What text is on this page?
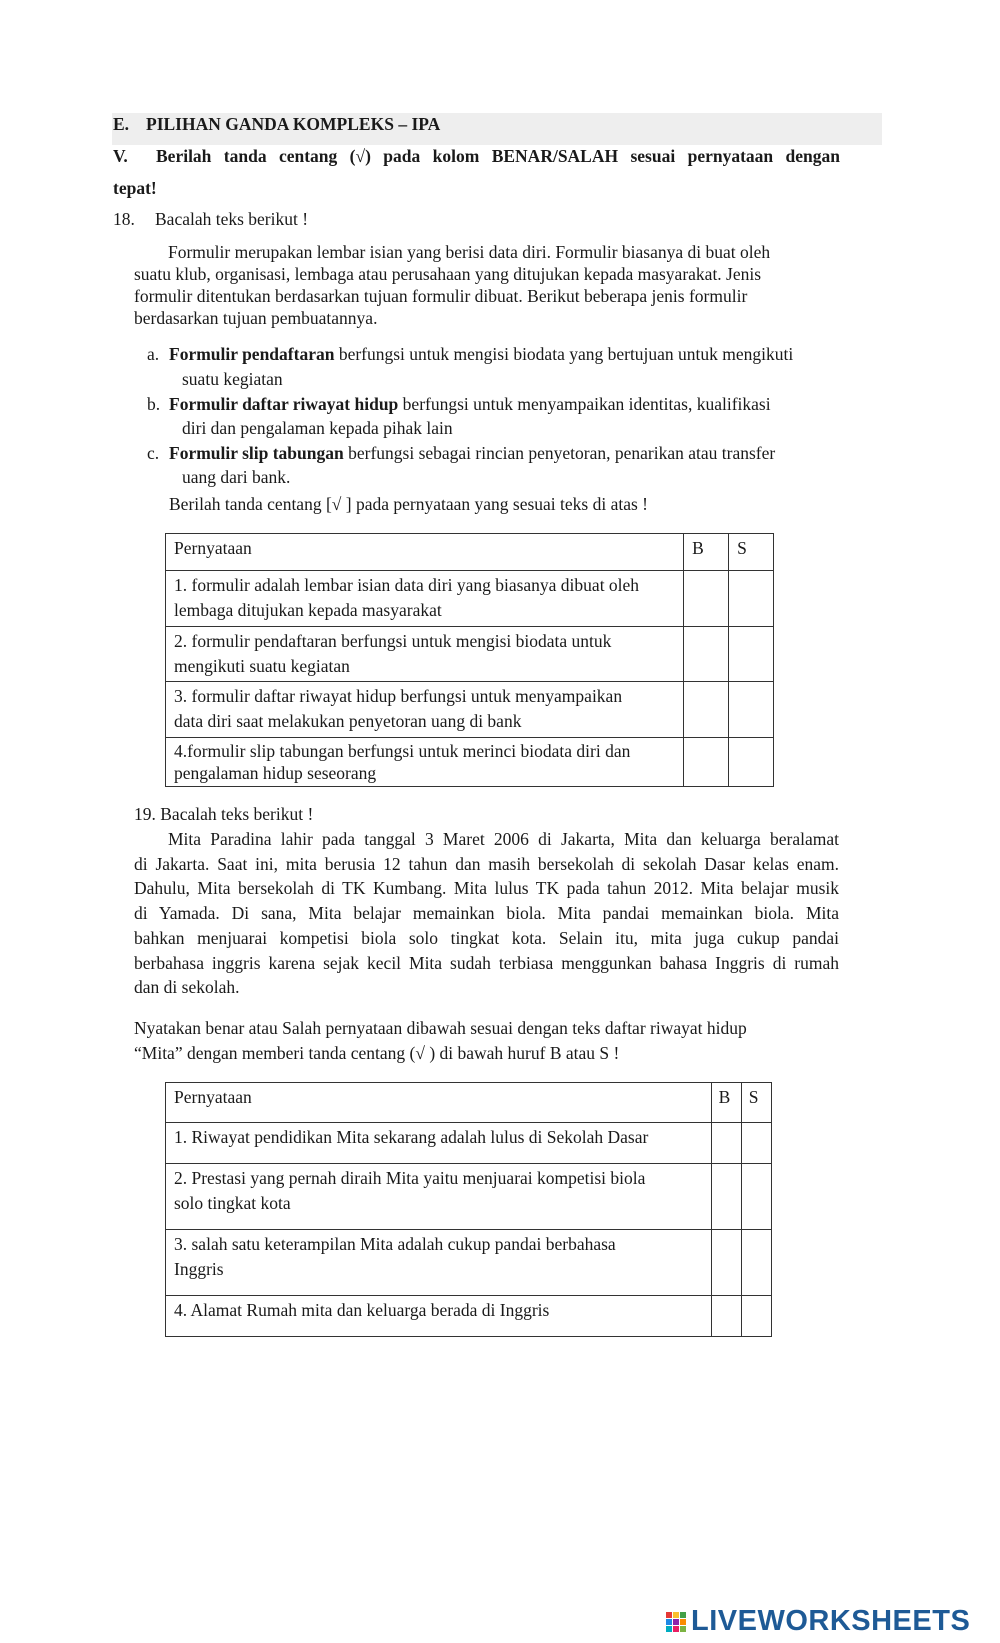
E. PILIHAN GANDA KOMPLEKS – IPA
V. Berilah tanda centang (√) pada kolom BENAR/SALAH sesuai pernyataan dengan
tepat!
18. Bacalah teks berikut !
Formulir merupakan lembar isian yang berisi data diri. Formulir biasanya di buat oleh
suatu klub, organisasi, lembaga atau perusahaan yang ditujukan kepada masyarakat. Jenis
formulir ditentukan berdasarkan tujuan formulir dibuat. Berikut beberapa jenis formulir
berdasarkan tujuan pembuatannya.
a. Formulir pendaftaran berfungsi untuk mengisi biodata yang bertujuan untuk mengikuti
suatu kegiatan
b. Formulir daftar riwayat hidup berfungsi untuk menyampaikan identitas, kualifikasi
diri dan pengalaman kepada pihak lain
c. Formulir slip tabungan berfungsi sebagai rincian penyetoran, penarikan atau transfer
uang dari bank.
Berilah tanda centang [√ ] pada pernyataan yang sesuai teks di atas !
Pernyataan	B	S

1. formulir adalah lembar isian data diri yang biasanya dibuat oleh
lembaga ditujukan kepada masyarakat		

2. formulir pendaftaran berfungsi untuk mengisi biodata untuk
mengikuti suatu kegiatan		

3. formulir daftar riwayat hidup berfungsi untuk menyampaikan
data diri saat melakukan penyetoran uang di bank		

4.formulir slip tabungan berfungsi untuk merinci biodata diri dan
pengalaman hidup seseorang		

19. Bacalah teks berikut !
Mita Paradina lahir pada tanggal 3 Maret 2006 di Jakarta, Mita dan keluarga beralamat
di Jakarta. Saat ini, mita berusia 12 tahun dan masih bersekolah di sekolah Dasar kelas enam.
Dahulu, Mita bersekolah di TK Kumbang. Mita lulus TK pada tahun 2012. Mita belajar musik
di Yamada. Di sana, Mita belajar memainkan biola. Mita pandai memainkan biola. Mita
bahkan menjuarai kompetisi biola solo tingkat kota. Selain itu, mita juga cukup pandai
berbahasa inggris karena sejak kecil Mita sudah terbiasa menggunkan bahasa Inggris di rumah
dan di sekolah.
Nyatakan benar atau Salah pernyataan dibawah sesuai dengan teks daftar riwayat hidup
“Mita” dengan memberi tanda centang (√ ) di bawah huruf B atau S !
Pernyataan	B	S

1. Riwayat pendidikan Mita sekarang adalah lulus di Sekolah Dasar		

2. Prestasi yang pernah diraih Mita yaitu menjuarai kompetisi biola
solo tingkat kota		

3. salah satu keterampilan Mita adalah cukup pandai berbahasa
Inggris		

4. Alamat Rumah mita dan keluarga berada di Inggris		

LIVEWORKSHEETS
